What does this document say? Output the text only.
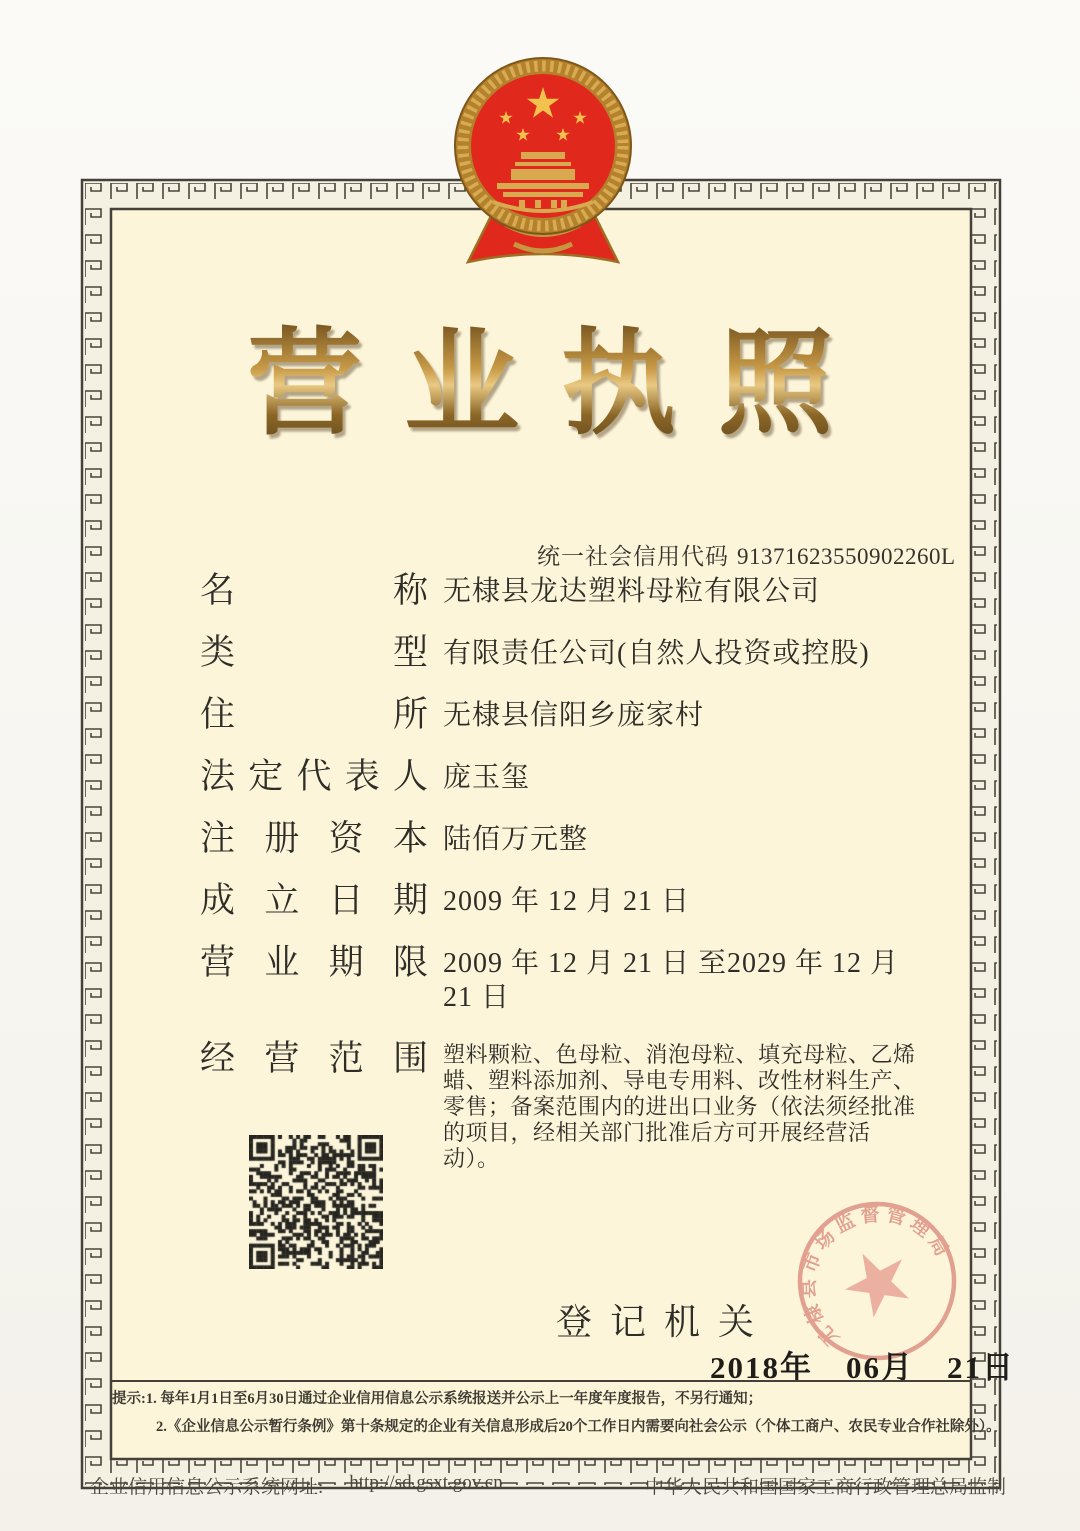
营业执照
统一社会信用代码 91371623550902260L
名	称 无棣县龙达塑料母粒有限公司
类	型 有限责任公司(自然人投资或控股)
住	所 无棣县信阳乡庞家村
法 定 代 表 人 庞玉玺
注 册 资 本 陆佰万元整
成 立 日 期 2009 年 12 月 21 日
营 业 期 限 2009 年 12 月 21 日 至2029 年 12 月 21 日
经 营 范 围 塑料颗粒、色母粒、消泡母粒、填充母粒、乙烯蜡、塑料添加剂、导电专用料、改性材料生产、零售；备案范围内的进出口业务（依法须经批准的项目，经相关部门批准后方可开展经营活动）。
登记机关	无棣县市场监督管理局
2018年　06月　21日
提示:1. 每年1月1日至6月30日通过企业信用信息公示系统报送并公示上一年度年度报告，不另行通知；
2.《企业信息公示暂行条例》第十条规定的企业有关信息形成后20个工作日内需要向社会公示（个体工商户、农民专业合作社除外）。
企业信用信息公示系统网址: http://sd.gsxt.gov.cn	中华人民共和国国家工商行政管理总局监制
